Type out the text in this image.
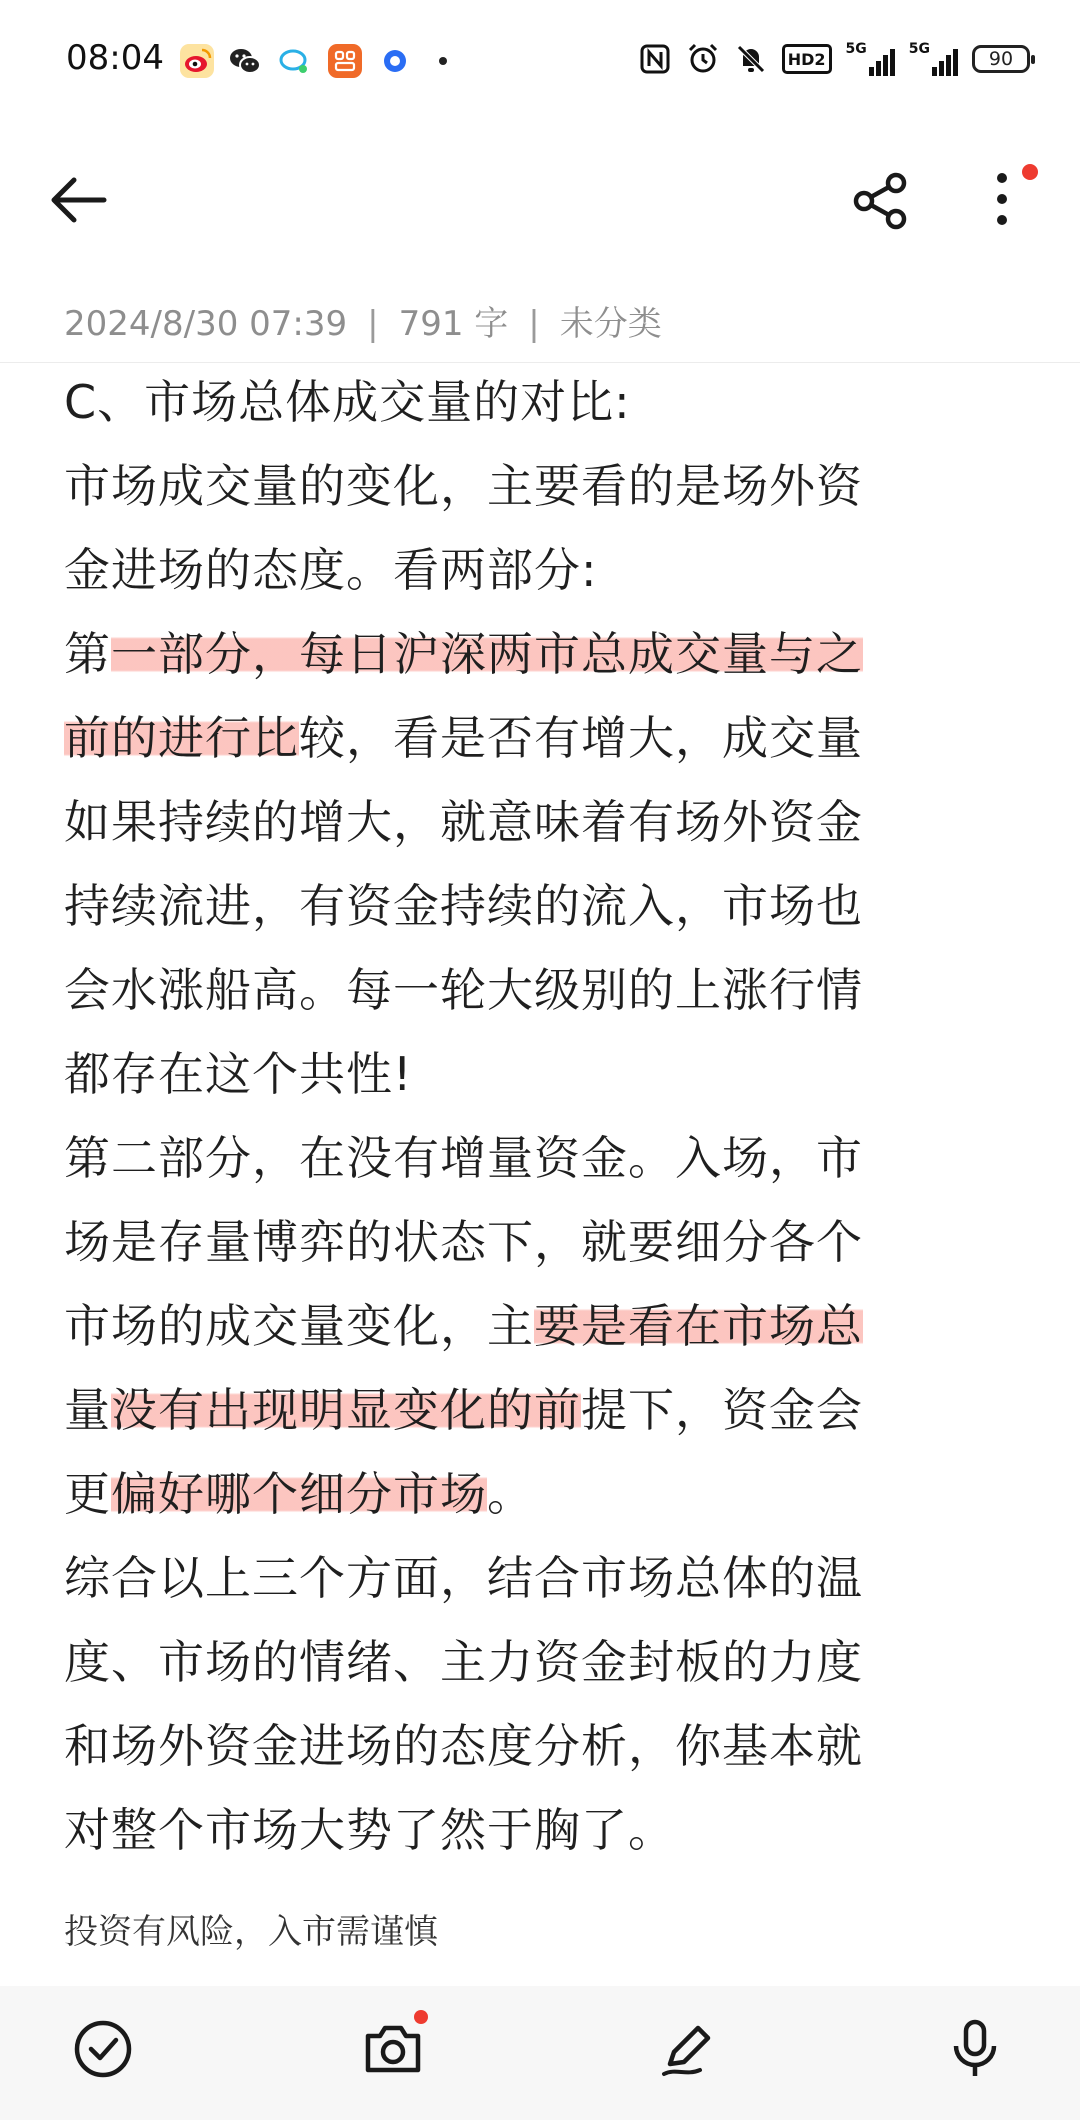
08:04	HD2
5G	5G	90
2024/8/30 07:39 | 791 字 | 未分类
C、市场总体成交量的对比:
市场成交量的变化，主要看的是场外资
金进场的态度。看两部分:
第一部分，每日沪深两市总成交量与之
前的进行比较，看是否有增大，成交量
如果持续的增大，就意味着有场外资金
持续流进，有资金持续的流入，市场也
会水涨船高。每一轮大级别的上涨行情
都存在这个共性!
第二部分，在没有增量资金。入场，市
场是存量博弈的状态下，就要细分各个
市场的成交量变化，主要是看在市场总
量没有出现明显变化的前提下，资金会
更偏好哪个细分市场。
综合以上三个方面，结合市场总体的温
度、市场的情绪、主力资金封板的力度
和场外资金进场的态度分析，你基本就
对整个市场大势了然于胸了。
投资有风险，入市需谨慎
